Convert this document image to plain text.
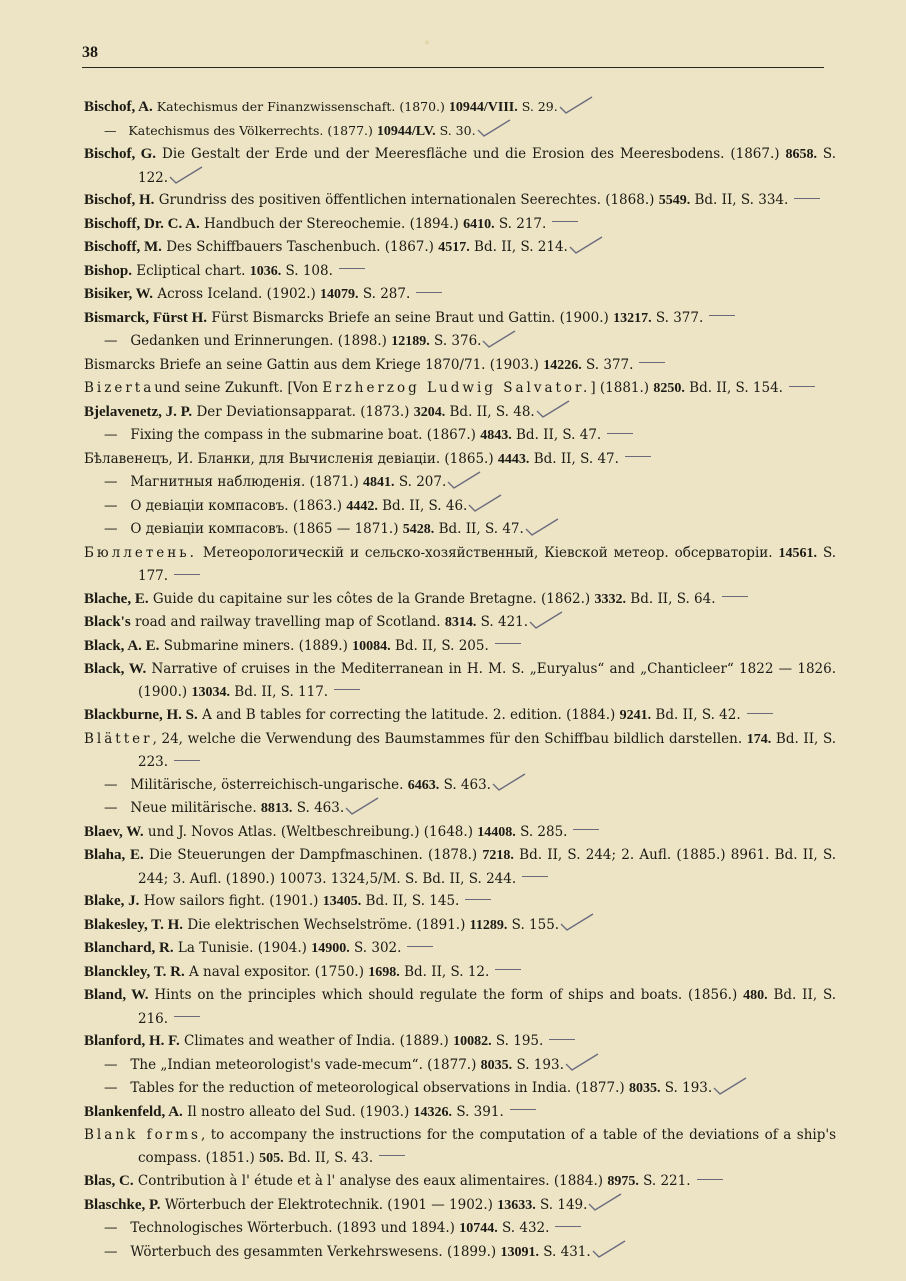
38
◦
Bischof, A. Katechismus der Finanzwissenschaft. (1870.) 10944/VIII. S. 29.
—   Katechismus des Völkerrechts. (1877.) 10944/LV. S. 30.
Bischof, G. Die Gestalt der Erde und der Meeresfläche und die Erosion des Meeresbodens. (1867.) 8658. S. 122.
Bischof, H. Grundriss des positiven öffentlichen internationalen Seerechtes. (1868.) 5549. Bd. II, S. 334.
Bischoff, Dr. C. A. Handbuch der Stereochemie. (1894.) 6410. S. 217.
Bischoff, M. Des Schiffbauers Taschenbuch. (1867.) 4517. Bd. II, S. 214.
Bishop. Ecliptical chart. 1036. S. 108.
Bisiker, W. Across Iceland. (1902.) 14079. S. 287.
Bismarck, Fürst H. Fürst Bismarcks Briefe an seine Braut und Gattin. (1900.) 13217. S. 377.
—   Gedanken und Erinnerungen. (1898.) 12189. S. 376.
Bismarcks Briefe an seine Gattin aus dem Kriege 1870/71. (1903.) 14226. S. 377.
Bizertaund seine Zukunft. [Von Erzherzog Ludwig Salvator.] (1881.) 8250. Bd. II, S. 154.
Bjelavenetz, J. P. Der Deviationsapparat. (1873.) 3204. Bd. II, S. 48.
—   Fixing the compass in the submarine boat. (1867.) 4843. Bd. II, S. 47.
Бѣлавенецъ, И. Бланки, для Вычисленія девіаціи. (1865.) 4443. Bd. II, S. 47.
—   Магнитныя наблюденія. (1871.) 4841. S. 207.
—   О девіаціи компасовъ. (1863.) 4442. Bd. II, S. 46.
—   О девіаціи компасовъ. (1865 — 1871.) 5428. Bd. II, S. 47.
Бюллетень. Метеорологическій и сельско-хозяйственный, Кіевской метеор. обсерваторіи. 14561. S. 177.
Blache, E. Guide du capitaine sur les côtes de la Grande Bretagne. (1862.) 3332. Bd. II, S. 64.
Black's road and railway travelling map of Scotland. 8314. S. 421.
Black, A. E. Submarine miners. (1889.) 10084. Bd. II, S. 205.
Black, W. Narrative of cruises in the Mediterranean in H. M. S. „Euryalus“ and „Chanticleer“ 1822 — 1826. (1900.) 13034. Bd. II, S. 117.
Blackburne, H. S. A and B tables for correcting the latitude. 2. edition. (1884.) 9241. Bd. II, S. 42.
Blätter, 24, welche die Verwendung des Baumstammes für den Schiffbau bildlich darstellen. 174. Bd. II, S. 223.
—   Militärische, österreichisch-ungarische. 6463. S. 463.
—   Neue militärische. 8813. S. 463.
Blaev, W. und J. Novos Atlas. (Weltbeschreibung.) (1648.) 14408. S. 285.
Blaha, E. Die Steuerungen der Dampfmaschinen. (1878.) 7218. Bd. II, S. 244; 2. Aufl. (1885.) 8961. Bd. II, S. 244; 3. Aufl. (1890.) 10073. 1324,5/M. S. Bd. II, S. 244.
Blake, J. How sailors fight. (1901.) 13405. Bd. II, S. 145.
Blakesley, T. H. Die elektrischen Wechselströme. (1891.) 11289. S. 155.
Blanchard, R. La Tunisie. (1904.) 14900. S. 302.
Blanckley, T. R. A naval expositor. (1750.) 1698. Bd. II, S. 12.
Bland, W. Hints on the principles which should regulate the form of ships and boats. (1856.) 480. Bd. II, S. 216.
Blanford, H. F. Climates and weather of India. (1889.) 10082. S. 195.
—   The „Indian meteorologist's vade-mecum“. (1877.) 8035. S. 193.
—   Tables for the reduction of meteorological observations in India. (1877.) 8035. S. 193.
Blankenfeld, A. Il nostro alleato del Sud. (1903.) 14326. S. 391.
Blank forms, to accompany the instructions for the computation of a table of the deviations of a ship's compass. (1851.) 505. Bd. II, S. 43.
Blas, C. Contribution à l' étude et à l' analyse des eaux alimentaires. (1884.) 8975. S. 221.
Blaschke, P. Wörterbuch der Elektrotechnik. (1901 — 1902.) 13633. S. 149.
—   Technologisches Wörterbuch. (1893 und 1894.) 10744. S. 432.
—   Wörterbuch des gesammten Verkehrswesens. (1899.) 13091. S. 431.
